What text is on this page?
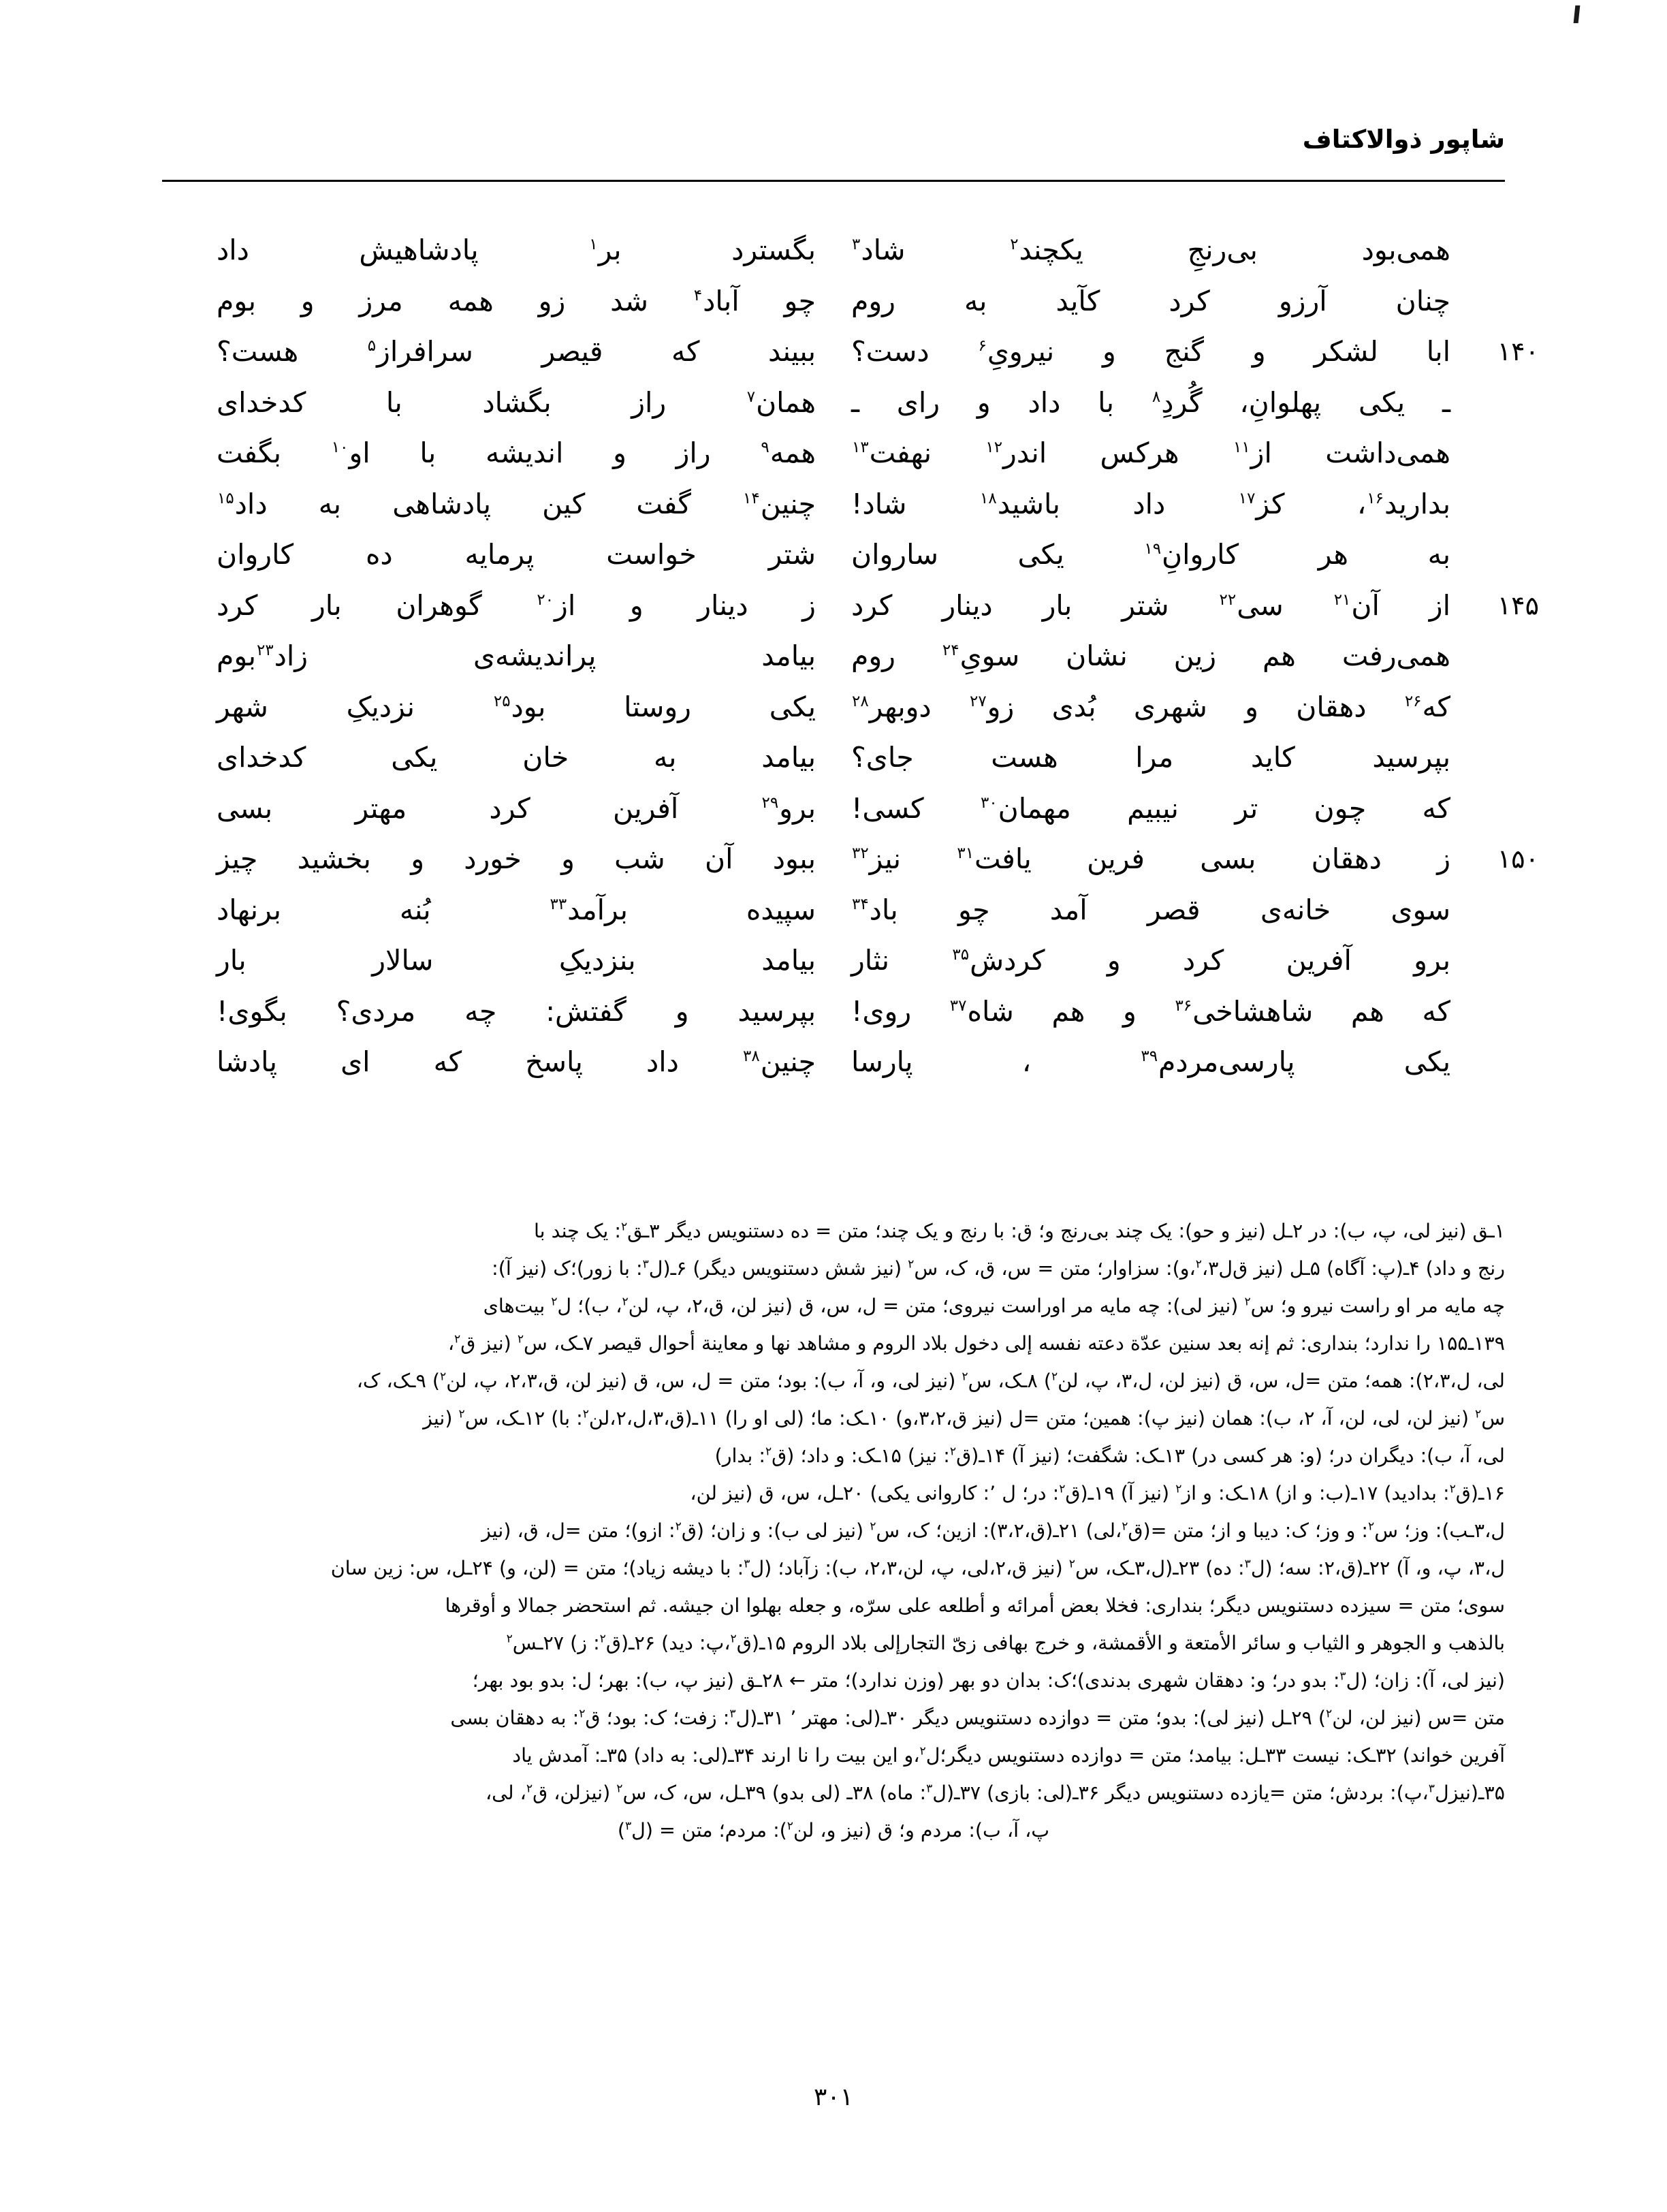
شاپور ذوالاکتاف
همی‌بود بی‌رنجِ یکچند$^۲$ شاد$^۳$
بگسترد بر$^۱$ پادشاهیش داد
چنان آرزو کرد کآید به روم
چو آباد$^۴$ شد زو همه مرز و بوم
ابا لشکر و گنج و نیرویِ$^۶$ دست؟
ببیند که قیصر سرافراز$^۵$ هست؟	۱۴۰
ـ یکی پهلوانِ، گُردِ$^۸$ با داد و رای ـ
همان$^۷$ راز بگشاد با کدخدای
همی‌داشت از$^{۱۱}$ هرکس اندر$^{۱۲}$ نهفت$^{۱۳}$
همه$^۹$ راز و اندیشه با او$^{۱۰}$ بگفت
بدارید$^{۱۶}$، کز$^{۱۷}$ داد باشید$^{۱۸}$ شاد!
چنین$^{۱۴}$ گفت کین پادشاهی به داد$^{۱۵}$
به هر کاروانِ$^{۱۹}$ یکی ساروان
شتر خواست پرمایه ده کاروان
از آن$^{۲۱}$ سی$^{۲۲}$ شتر بار دینار کرد
ز دینار و از$^{۲۰}$ گوهران بار کرد	۱۴۵
همی‌رفت هم زین نشان سویِ$^{۲۴}$ روم
بیامد پراندیشه‌ی زاد$^{۲۳}$بوم
که$^{۲۶}$ دهقان و شهری بُدی زو$^{۲۷}$ دوبهر$^{۲۸}$
یکی روستا بود$^{۲۵}$ نزدیکِ شهر
بپرسید کاید مرا هست جای؟
بیامد به خان یکی کدخدای
که چون تر نیبیم مهمان$^{۳۰}$ کسی!
برو$^{۲۹}$ آفرین کرد مهتر بسی
ز دهقان بسی فرین یافت$^{۳۱}$ نیز$^{۳۲}$
ببود آن شب و خورد و بخشید چیز	۱۵۰
سوی خانه‌ی قصر آمد چو باد$^{۳۴}$
سپیده برآمد$^{۳۳}$ بُنه برنهاد
برو آفرین کرد و کردش$^{۳۵}$ نثار
بیامد بنزدیکِ سالار بار
که هم شاهشاخی$^{۳۶}$ و هم شاه$^{۳۷}$ روی!
بپرسید و گفتش: چه مردی؟ بگوی!
یکی پارسی‌مردم$^{۳۹}$ ، پارسا
چنین$^{۳۸}$ داد پاسخ که ای پادشا

۱ـق (نیز لی، پ، ب): در ۲ـل (نیز و حو): یک چند بی‌رنج و؛ ق: با رنج و یک چند؛ متن ‌= ده دستنویس دیگر ۳ـق$^۲$: یک چند با

رنج و داد) ۴ـ(پ: آگاه) ۵ـل (نیز ق‌ل$^۲$،۳،و): سزاوار؛ متن = س، ق، ک، س$^۲$ (نیز شش دستنویس دیگر) ۶ـ(ل$^۳$: با زور)؛ک (نیز آ):

چه مایه مر او راست نیرو و؛ س$^۲$ (نیز لی): چه مایه مر اوراست نیروی؛ متن = ل، س، ق (نیز لن، ق،۲، پ، لن$^۲$، ب)؛ ل$^۲$ بیت‌های

۱۳۹ـ۱۵۵ را ندارد؛ بنداری: ثم إنه بعد سنین عدّة دعته نفسه إلی دخول بلاد الروم و مشاهد نها و معاینة أحوال قیصر ۷ـک، س$^۲$ (نیز ق$^۲$،

لی، ل،۲،۳): همه؛ متن =ل، س، ق (نیز لن، ل،۳، پ، لن$^۲$) ۸ـک، س$^۲$ (نیز لی، و، آ، ب): بود؛ متن = ل، س، ق (نیز لن، ق،۲،۳، پ، لن$^۲$) ۹ـک، ک،

س$^۲$ (نیز لن، لی، لن، آ، ۲، ب): همان (نیز پ): همین؛ متن =ل (نیز ق،۳،۲،و) ۱۰ـک: ما؛ (لی او را) ۱۱ـ(ق،۳،ل،۲،لن$^۲$: با) ۱۲ـک، س$^۲$ (نیز

لی، آ، ب): دیگران در؛ (و: هر کسی در) ۱۳ـک: شگفت؛ (نیز آ) ۱۴ـ(ق$^۲$: نیز) ۱۵ـک: و داد؛ (ق$^۲$: بدار)

۱۶ـ(ق$^۲$: بدادید) ۱۷ـ(ب: و از) ۱۸ـک: و از$^۲$ (نیز آ) ۱۹ـ(ق$^۲$: در؛ ل ٬: کاروانی یکی) ۲۰ـل، س، ق (نیز لن،

ل،۳ـب): وز؛ س$^۲$: و وز؛ ک: دیبا و از؛ متن =(ق$^۲$،لی) ۲۱ـ(ق،۳،۲): ازین؛ ک، س$^۲$ (نیز لی ب): و زان؛ (ق$^۲$: ازو)؛ متن =ل، ق، (نیز

ل،۳، پ، و، آ) ۲۲ـ(ق،۲: سه؛ (ل$^۳$: ده) ۲۳ـ(ل،۳ـک، س$^۲$ (نیز ق،۲،لی، پ، لن،۲،۳، ب): زآباد؛ (ل$^۳$: با دیشه زیاد)؛ متن = (لن، و) ۲۴ـل، س: زین سان

سوی؛ متن = سیزده دستنویس دیگر؛ بنداری: فخلا بعض أمرائه و أطلعه علی سرّه، و جعله بهلوا ان جیشه. ثم استحضر جمالا و أوقرها

بالذهب و الجوهر و الثیاب و سائر الأمتعة و الأقمشة، و خرج بهافی زیّ التجارإلی بلاد الروم ۱۵ـ(ق$^۲$،پ: دید) ۲۶ـ(ق$^۲$: ز) ۲۷ـس$^۲$

(نیز لی، آ): زان؛ (ل$^۳$: بدو در؛ و: دهقان شهری بدندی)؛ک: بدان دو بهر (وزن ندارد)؛ متر ← ۲۸ـق (نیز پ، ب): بهر؛ ل: بدو بود بهر؛

متن =س (نیز لن، لن$^۲$) ۲۹ـل (نیز لی): بدو؛ متن = دوازده دستنویس دیگر ۳۰ـ(لی: مهتر ٬ ۳۱ـ(ل$^۳$: زفت؛ ک: بود؛ ق$^۲$: به دهقان بسی

آفرین خواند) ۳۲ـک: نیست ۳۳ـل: بیامد؛ متن = دوازده دستنویس دیگر؛ل$^۲$،و این بیت را نا ارند ۳۴ـ(لی: به داد) ۳۵ـ: آمدش یاد

۳۵ـ(نیزل$^۳$،پ): بردش؛ متن =یازده دستنویس دیگر ۳۶ـ(لی: بازی) ۳۷ـ(ل$^۳$: ماه) ۳۸ـ (لی بدو) ۳۹ـل، س، ک، س$^۲$ (نیزلن، ق$^۲$، لی،

پ، آ، ب): مردم و؛ ق (نیز و، لن$^۲$): مردم؛ متن = (ل$^۳$)

۳۰۱
